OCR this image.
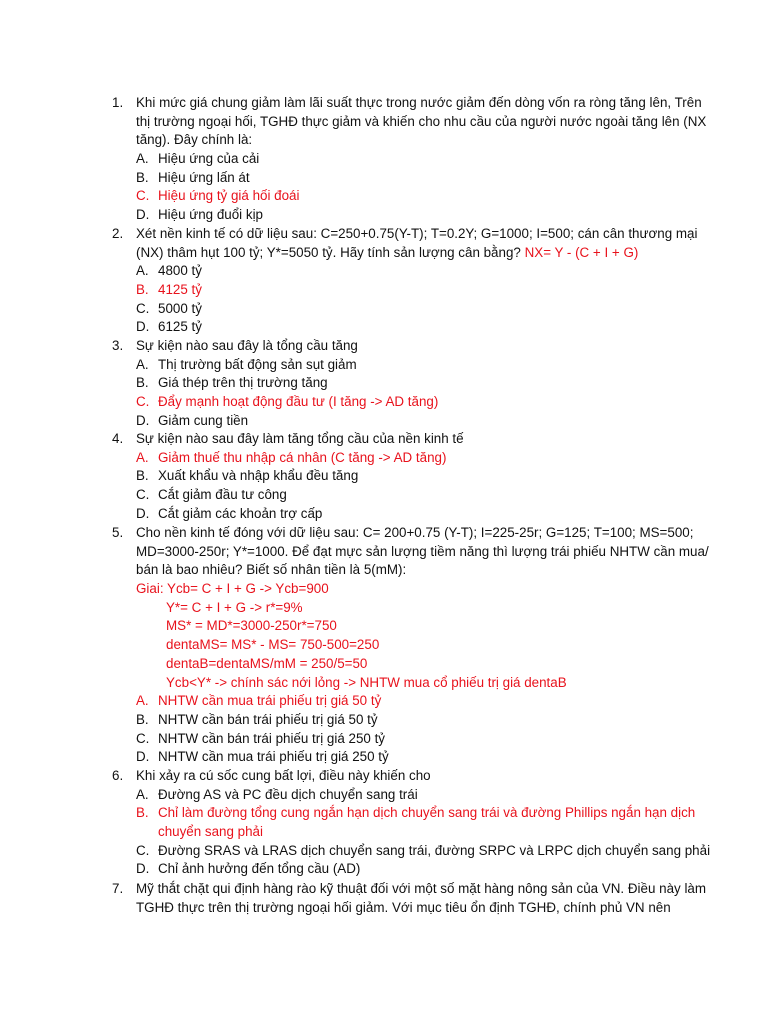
1. Khi mức giá chung giảm làm lãi suất thực trong nước giảm đến dòng vốn ra ròng tăng lên, Trên
thị trường ngoại hối, TGHĐ thực giảm và khiến cho nhu cầu của người nước ngoài tăng lên (NX
tăng). Đây chính là:
A. Hiệu ứng của cải
B. Hiệu ứng lấn át
C. Hiệu ứng tỷ giá hối đoái
D. Hiệu ứng đuổi kịp
2. Xét nền kinh tế có dữ liệu sau: C=250+0.75(Y-T); T=0.2Y; G=1000; I=500; cán cân thương mại
(NX) thâm hụt 100 tỷ; Y*=5050 tỷ. Hãy tính sản lượng cân bằng? NX= Y - (C + I + G)
A. 4800 tỷ
B. 4125 tỷ
C. 5000 tỷ
D. 6125 tỷ
3. Sự kiện nào sau đây là tổng cầu tăng
A. Thị trường bất động sản sụt giảm
B. Giá thép trên thị trường tăng
C. Đẩy mạnh hoạt động đầu tư (I tăng -> AD tăng)
D. Giảm cung tiền
4. Sự kiện nào sau đây làm tăng tổng cầu của nền kinh tế
A. Giảm thuế thu nhập cá nhân (C tăng -> AD tăng)
B. Xuất khẩu và nhập khẩu đều tăng
C. Cắt giảm đầu tư công
D. Cắt giảm các khoản trợ cấp
5. Cho nền kinh tế đóng với dữ liệu sau: C= 200+0.75 (Y-T); I=225-25r; G=125; T=100; MS=500;
MD=3000-250r; Y*=1000. Để đạt mực sản lượng tiềm năng thì lượng trái phiếu NHTW cần mua/
bán là bao nhiêu? Biết số nhân tiền là 5(mM):
Giai: Ycb= C + I + G -> Ycb=900
Y*= C + I + G -> r*=9%
MS* = MD*=3000-250r*=750
dentaMS= MS* - MS= 750-500=250
dentaB=dentaMS/mM = 250/5=50
Ycb<Y* -> chính sác nới lỏng -> NHTW mua cổ phiếu trị giá dentaB
A. NHTW cần mua trái phiếu trị giá 50 tỷ
B. NHTW cần bán trái phiếu trị giá 50 tỷ
C. NHTW cần bán trái phiếu trị giá 250 tỷ
D. NHTW cần mua trái phiếu trị giá 250 tỷ
6. Khi xảy ra cú sốc cung bất lợi, điều này khiến cho
A. Đường AS và PC đều dịch chuyển sang trái
B. Chỉ làm đường tổng cung ngắn hạn dịch chuyển sang trái và đường Phillips ngắn hạn dịch
chuyển sang phải
C. Đường SRAS và LRAS dịch chuyển sang trái, đường SRPC và LRPC dịch chuyển sang phải
D. Chỉ ảnh hưởng đến tổng cầu (AD)
7. Mỹ thắt chặt qui định hàng rào kỹ thuật đối với một số mặt hàng nông sản của VN. Điều này làm
TGHĐ thực trên thị trường ngoại hối giảm. Với mục tiêu ổn định TGHĐ, chính phủ VN nên
